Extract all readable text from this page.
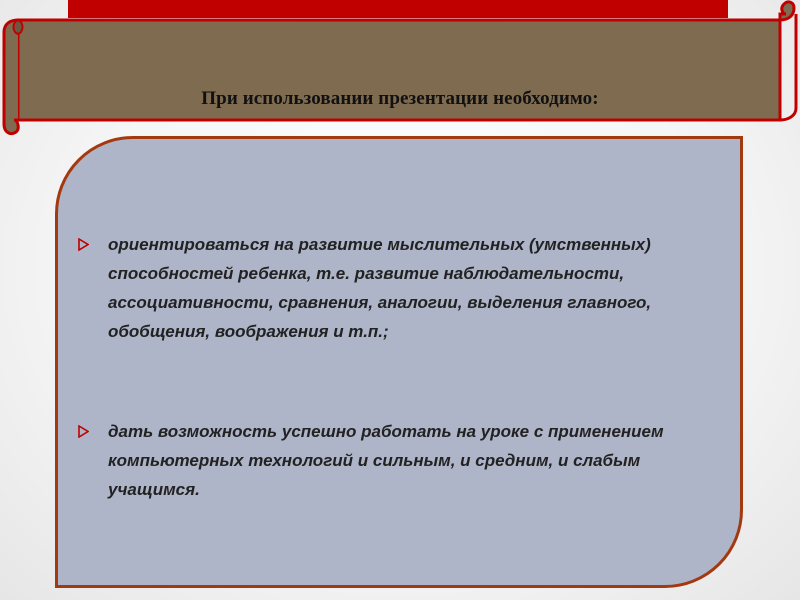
При использовании презентации необходимо:
ориентироваться на развитие мыслительных (умственных) способностей ребенка, т.е. развитие наблюдательности, ассоциативности, сравнения, аналогии, выделения главного, обобщения, воображения и т.п.;
дать возможность успешно работать на уроке с применением компьютерных технологий и сильным, и средним, и слабым учащимся.
